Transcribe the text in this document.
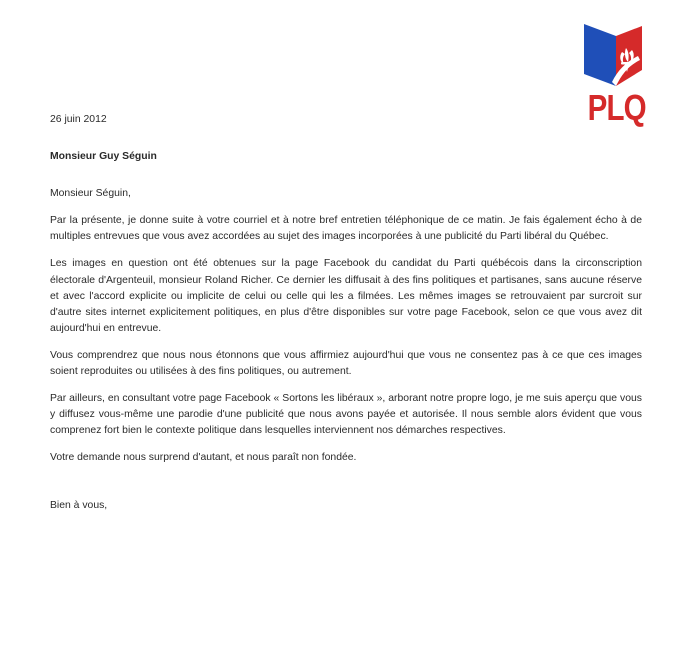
PLQ

26 juin 2012

Monsieur Guy Séguin

Monsieur Séguin,

Par la présente, je donne suite à votre courriel et à notre bref entretien téléphonique de ce matin. Je fais également écho à de multiples entrevues que vous avez accordées au sujet des images incorporées à une publicité du Parti libéral du Québec.

Les images en question ont été obtenues sur la page Facebook du candidat du Parti québécois dans la circonscription électorale d'Argenteuil, monsieur Roland Richer. Ce dernier les diffusait à des fins politiques et partisanes, sans aucune réserve et avec l'accord explicite ou implicite de celui ou celle qui les a filmées. Les mêmes images se retrouvaient par surcroit sur d'autre sites internet explicitement politiques, en plus d'être disponibles sur votre page Facebook, selon ce que vous avez dit aujourd'hui en entrevue.

Vous comprendrez que nous nous étonnons que vous affirmiez aujourd'hui que vous ne consentez pas à ce que ces images soient reproduites ou utilisées à des fins politiques, ou autrement.

Par ailleurs, en consultant votre page Facebook « Sortons les libéraux », arborant notre propre logo, je me suis aperçu que vous y diffusez vous-même une parodie d'une publicité que nous avons payée et autorisée. Il nous semble alors évident que vous comprenez fort bien le contexte politique dans lesquelles interviennent nos démarches respectives.

Votre demande nous surprend d'autant, et nous paraît non fondée.

Bien à vous,
